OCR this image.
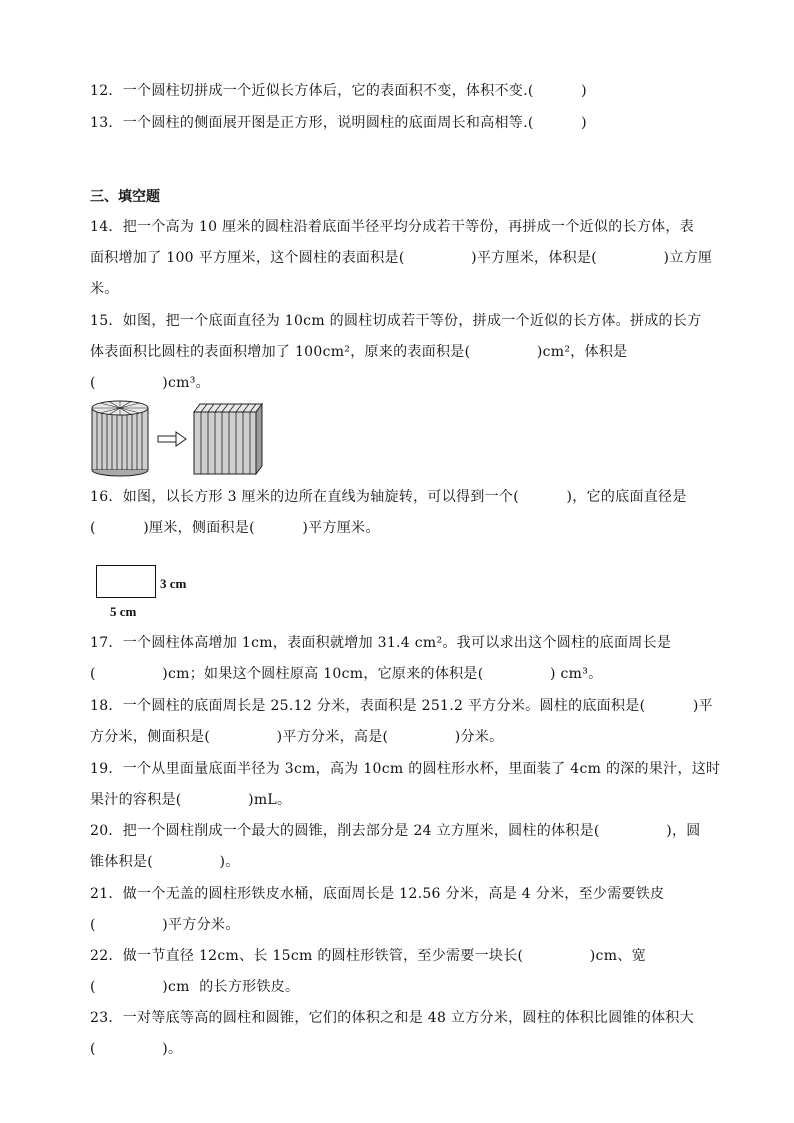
12．一个圆柱切拼成一个近似长方体后，它的表面积不变，体积不变.(          )
13．一个圆柱的侧面展开图是正方形，说明圆柱的底面周长和高相等.(          )
三、填空题
14．把一个高为 10 厘米的圆柱沿着底面半径平均分成若干等份，再拼成一个近似的长方体，表
面积增加了 100 平方厘米，这个圆柱的表面积是(              )平方厘米，体积是(              )立方厘
米。
15．如图，把一个底面直径为 10cm 的圆柱切成若干等份，拼成一个近似的长方体。拼成的长方
体表面积比圆柱的表面积增加了 100cm²，原来的表面积是(              )cm²，体积是
(              )cm³。
16．如图，以长方形 3 厘米的边所在直线为轴旋转，可以得到一个(          )，它的底面直径是
(          )厘米，侧面积是(          )平方厘米。
3 cm
5 cm
17．一个圆柱体高增加 1cm，表面积就增加 31.4 cm²。我可以求出这个圆柱的底面周长是
(              )cm；如果这个圆柱原高 10cm，它原来的体积是(              ) cm³。
18．一个圆柱的底面周长是 25.12 分米，表面积是 251.2 平方分米。圆柱的底面积是(          )平
方分米，侧面积是(              )平方分米，高是(              )分米。
19．一个从里面量底面半径为 3cm，高为 10cm 的圆柱形水杯，里面装了 4cm 的深的果汁，这时
果汁的容积是(              )mL。
20．把一个圆柱削成一个最大的圆锥，削去部分是 24 立方厘米，圆柱的体积是(              )，圆
锥体积是(              )。
21．做一个无盖的圆柱形铁皮水桶，底面周长是 12.56 分米，高是 4 分米，至少需要铁皮
(              )平方分米。
22．做一节直径 12cm、长 15cm 的圆柱形铁管，至少需要一块长(              )cm、宽
(              )cm  的长方形铁皮。
23．一对等底等高的圆柱和圆锥，它们的体积之和是 48 立方分米，圆柱的体积比圆锥的体积大
(              )。
